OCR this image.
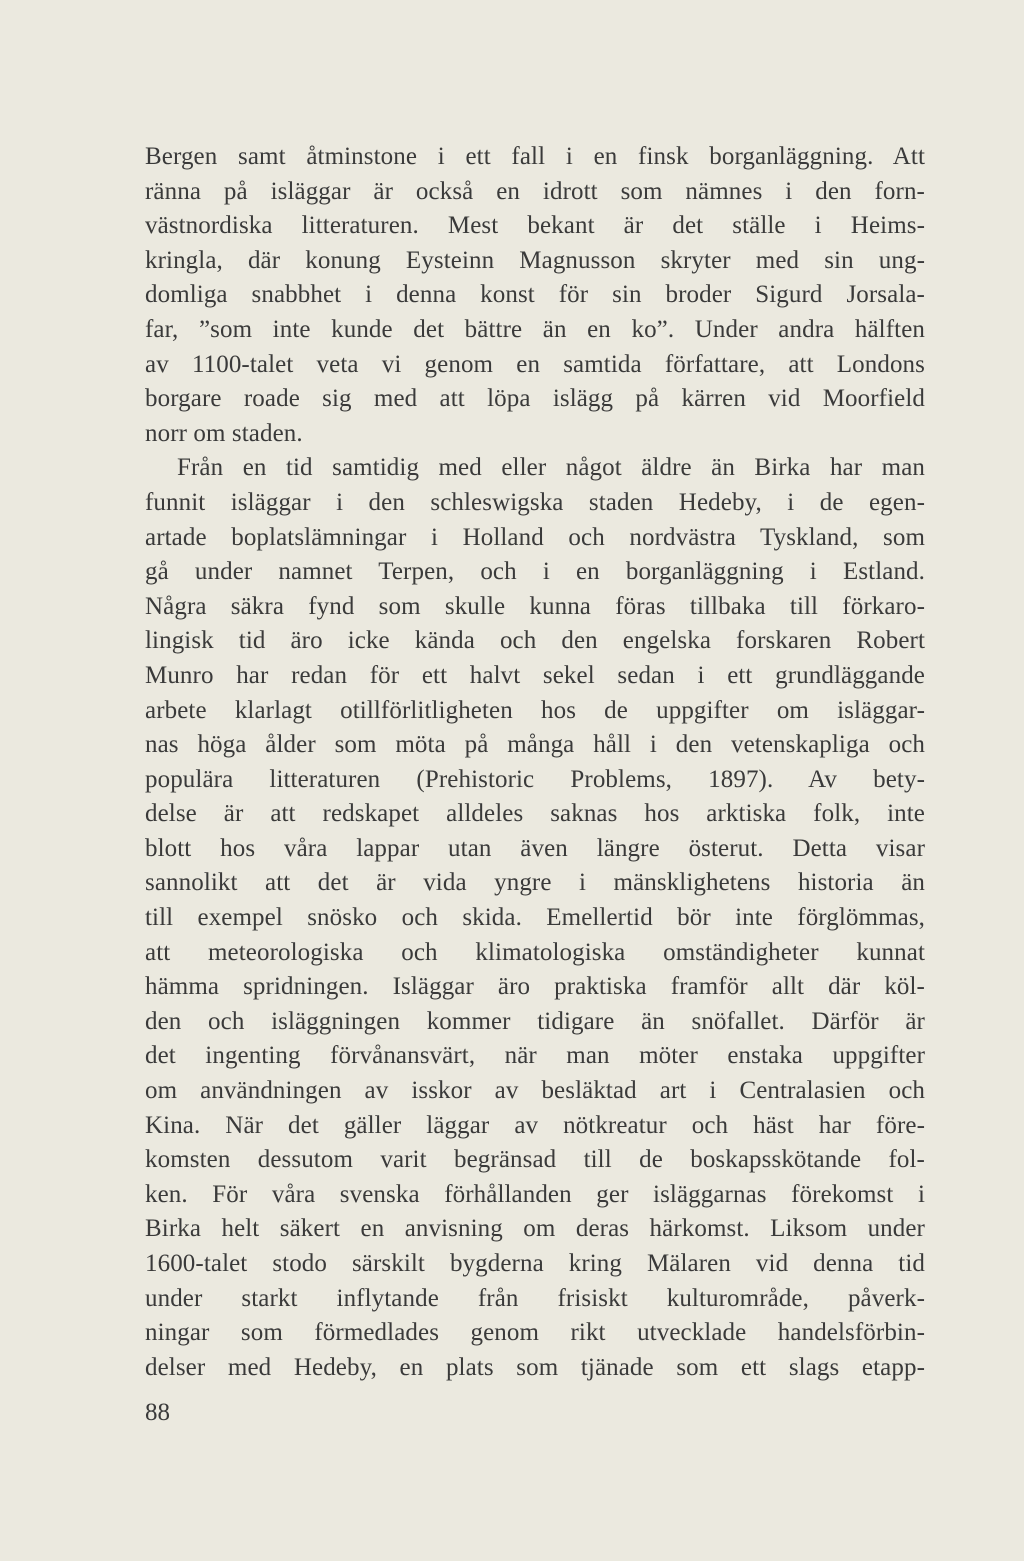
Bergen samt åtminstone i ett fall i en finsk borganläggning. Att
ränna på isläggar är också en idrott som nämnes i den forn-
västnordiska litteraturen. Mest bekant är det ställe i Heims-
kringla, där konung Eysteinn Magnusson skryter med sin ung-
domliga snabbhet i denna konst för sin broder Sigurd Jorsala-
far, ”som inte kunde det bättre än en ko”. Under andra hälften
av 1100-talet veta vi genom en samtida författare, att Londons
borgare roade sig med att löpa islägg på kärren vid Moorfield
norr om staden.
Från en tid samtidig med eller något äldre än Birka har man
funnit isläggar i den schleswigska staden Hedeby, i de egen-
artade boplatslämningar i Holland och nordvästra Tyskland, som
gå under namnet Terpen, och i en borganläggning i Estland.
Några säkra fynd som skulle kunna föras tillbaka till förkaro-
lingisk tid äro icke kända och den engelska forskaren Robert
Munro har redan för ett halvt sekel sedan i ett grundläggande
arbete klarlagt otillförlitligheten hos de uppgifter om isläggar-
nas höga ålder som möta på många håll i den vetenskapliga och
populära litteraturen (Prehistoric Problems, 1897). Av bety-
delse är att redskapet alldeles saknas hos arktiska folk, inte
blott hos våra lappar utan även längre österut. Detta visar
sannolikt att det är vida yngre i mänsklighetens historia än
till exempel snösko och skida. Emellertid bör inte förglömmas,
att meteorologiska och klimatologiska omständigheter kunnat
hämma spridningen. Isläggar äro praktiska framför allt där köl-
den och isläggningen kommer tidigare än snöfallet. Därför är
det ingenting förvånansvärt, när man möter enstaka uppgifter
om användningen av isskor av besläktad art i Centralasien och
Kina. När det gäller läggar av nötkreatur och häst har före-
komsten dessutom varit begränsad till de boskapsskötande fol-
ken. För våra svenska förhållanden ger isläggarnas förekomst i
Birka helt säkert en anvisning om deras härkomst. Liksom under
1600-talet stodo särskilt bygderna kring Mälaren vid denna tid
under starkt inflytande från frisiskt kulturområde, påverk-
ningar som förmedlades genom rikt utvecklade handelsförbin-
delser med Hedeby, en plats som tjänade som ett slags etapp-
88
